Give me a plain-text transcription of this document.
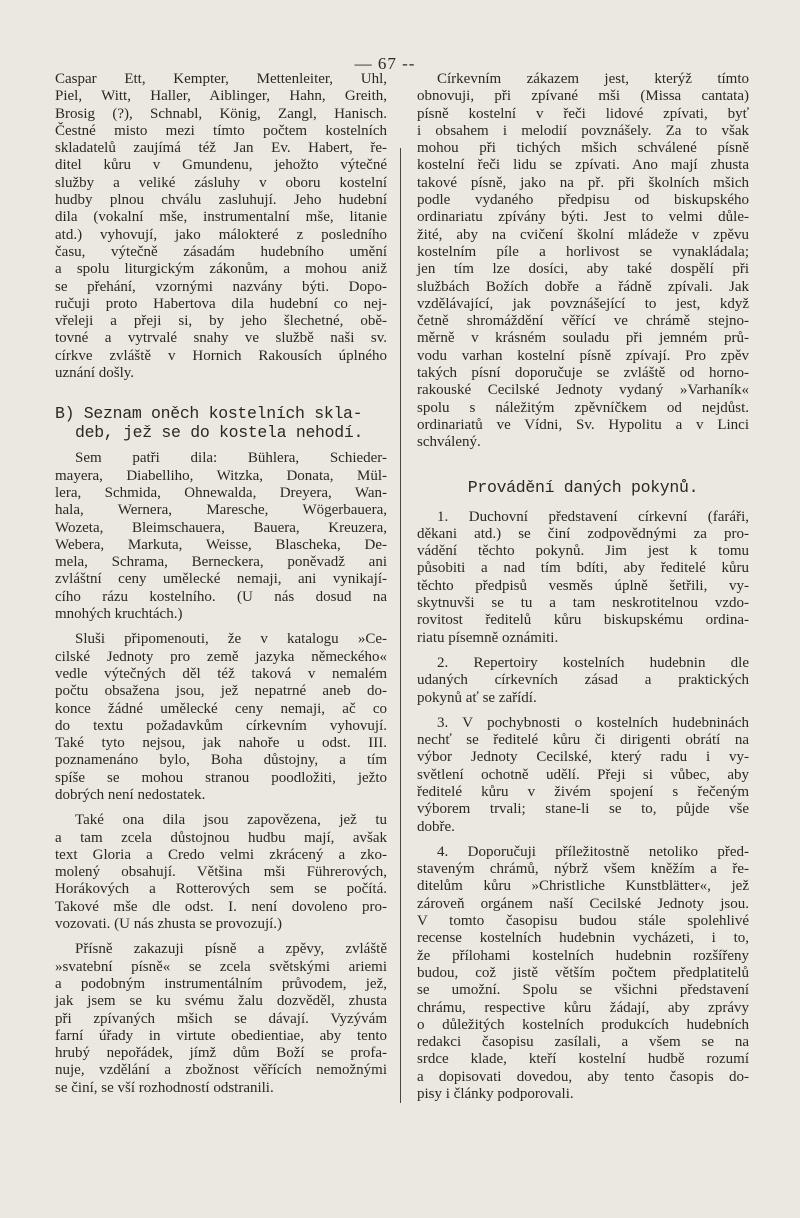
— 67 --
Caspar Ett, Kempter, Mettenleiter, Uhl,
Piel, Witt, Haller, Aiblinger, Hahn, Greith,
Brosig (?), Schnabl, König, Zangl, Hanisch.
Čestné misto mezi tímto počtem kostelních
skladatelů zaujímá též Jan Ev. Habert, ře-
ditel kůru v Gmundenu, jehožto výtečné
služby a veliké zásluhy v oboru kostelní
hudby plnou chválu zasluhují. Jeho hudební
dila (vokalní mše, instrumentalní mše, litanie
atd.) vyhovují, jako málokteré z posledního
času, výtečně zásadám hudebního umění
a spolu liturgickým zákonům, a mohou aniž
se přehání, vzornými nazvány býti. Dopo-
ručuji proto Habertova dila hudební co nej-
vřeleji a přeji si, by jeho šlechetné, obě-
tovné a vytrvalé snahy ve službě naši sv.
církve zvláště v Hornich Rakousích úplného
uznání došly.
B) Seznam oněch kostelních skla-
deb, jež se do kostela nehodí.
Sem patři dila: Bühlera, Schieder-
mayera, Diabelliho, Witzka, Donata, Mül-
lera, Schmida, Ohnewalda, Dreyera, Wan-
hala, Wernera, Maresche, Wögerbauera,
Wozeta, Bleimschauera, Bauera, Kreuzera,
Webera, Markuta, Weisse, Blascheka, De-
mela, Schrama, Berneckera, poněvadž ani
zvláštní ceny umělecké nemaji, ani vynikají-
cího rázu kostelního. (U nás dosud na
mnohých kruchtách.)
Sluši připomenouti, že v katalogu »Ce-
cilské Jednoty pro země jazyka německého«
vedle výtečných děl též taková v nemalém
počtu obsažena jsou, jež nepatrné aneb do-
konce žádné umělecké ceny nemaji, ač co
do textu požadavkům církevním vyhovují.
Také tyto nejsou, jak nahoře u odst. III.
poznamenáno bylo, Boha důstojny, a tím
spíše se mohou stranou poodložiti, ježto
dobrých není nedostatek.
Také ona dila jsou zapovězena, jež tu
a tam zcela důstojnou hudbu mají, avšak
text Gloria a Credo velmi zkrácený a zko-
molený obsahují. Většina mši Führerových,
Horákových a Rotterových sem se počítá.
Takové mše dle odst. I. není dovoleno pro-
vozovati. (U nás zhusta se provozují.)
Přísně zakazuji písně a zpěvy, zvláště
»svatební písně« se zcela světskými ariemi
a podobným instrumentálním průvodem, jež,
jak jsem se ku svému žalu dozvěděl, zhusta
při zpívaných mšich se dávají. Vyzývám
farní úřady in virtute obedientiae, aby tento
hrubý nepořádek, jímž dům Boží se profa-
nuje, vzdělání a zbožnost věřících nemožnými
se činí, se vší rozhodností odstranili.
Církevním zákazem jest, kterýž tímto
obnovuji, při zpívané mši (Missa cantata)
písně kostelní v řeči lidové zpívati, byť
i obsahem i melodií povznášely. Za to však
mohou při tichých mšich schválené písně
kostelní řeči lidu se zpívati. Ano mají zhusta
takové písně, jako na př. při školních mšich
podle vydaného předpisu od biskupského
ordinariatu zpívány býti. Jest to velmi důle-
žité, aby na cvičení školní mládeže v zpěvu
kostelním píle a horlivost se vynakládala;
jen tím lze dosíci, aby také dospělí při
službách Božích dobře a řádně zpívali. Jak
vzdělávající, jak povznášející to jest, když
četně shromáždění věřící ve chrámě stejno-
měrně v krásném souladu při jemném prů-
vodu varhan kostelní písně zpívají. Pro zpěv
takých písní doporučuje se zvláště od horno-
rakouské Cecilské Jednoty vydaný »Varhaník«
spolu s náležitým zpěvníčkem od nejdůst.
ordinariatů ve Vídni, Sv. Hypolitu a v Linci
schválený.
Provádění daných pokynů.
1. Duchovní představení církevní (faráři,
děkani atd.) se činí zodpovědnými za pro-
vádění těchto pokynů. Jim jest k tomu
působiti a nad tím bdíti, aby ředitelé kůru
těchto předpisů vesměs úplně šetřili, vy-
skytnuvši se tu a tam neskrotitelnou vzdo-
rovitost ředitelů kůru biskupskému ordina-
riatu písemně oznámiti.
2. Repertoiry kostelních hudebnin dle
udaných církevních zásad a praktických
pokynů ať se zařídí.
3. V pochybnosti o kostelních hudebninách
nechť se ředitelé kůru či dirigenti obrátí na
výbor Jednoty Cecilské, který radu i vy-
světlení ochotně udělí. Přeji si vůbec, aby
ředitelé kůru v živém spojení s řečeným
výborem trvali; stane-li se to, půjde vše
dobře.
4. Doporučuji příležitostně netoliko před-
staveným chrámů, nýbrž všem kněžím a ře-
ditelům kůru »Christliche Kunstblätter«, jež
zároveň orgánem naší Cecilské Jednoty jsou.
V tomto časopisu budou stále spolehlivé
recense kostelních hudebnin vycházeti, i to,
že přílohami kostelních hudebnin rozšířeny
budou, což jistě větším počtem předplatitelů
se umožní. Spolu se všichni představení
chrámu, respective kůru žádají, aby zprávy
o důležitých kostelních produkcích hudebních
redakci časopisu zasílali, a všem se na
srdce klade, kteří kostelní hudbě rozumí
a dopisovati dovedou, aby tento časopis do-
pisy i články podporovali.
